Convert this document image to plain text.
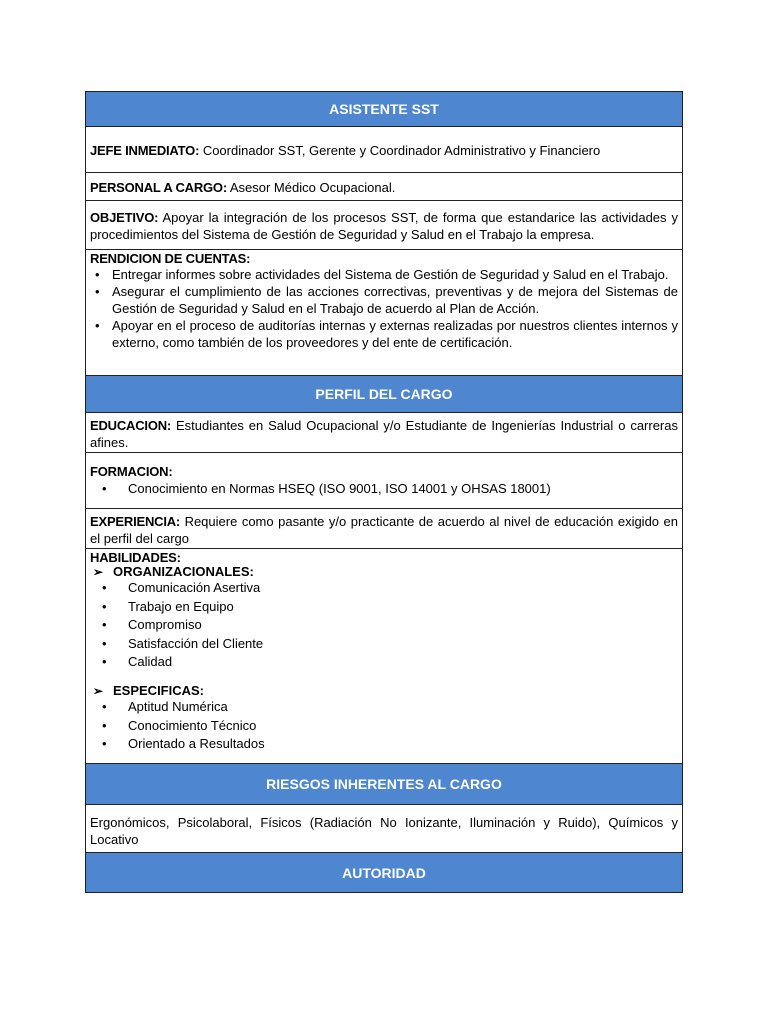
ASISTENTE SST
JEFE INMEDIATO: Coordinador SST, Gerente y Coordinador Administrativo y Financiero
PERSONAL A CARGO: Asesor Médico Ocupacional.
OBJETIVO: Apoyar la integración de los procesos SST, de forma que estandarice las actividades y procedimientos del Sistema de Gestión de Seguridad y Salud en el Trabajo la empresa.
RENDICION DE CUENTAS:
• Entregar informes sobre actividades del Sistema de Gestión de Seguridad y Salud en el Trabajo.
• Asegurar el cumplimiento de las acciones correctivas, preventivas y de mejora del Sistemas de Gestión de Seguridad y Salud en el Trabajo de acuerdo al Plan de Acción.
• Apoyar en el proceso de auditorías internas y externas realizadas por nuestros clientes internos y externo, como también de los proveedores y del ente de certificación.
PERFIL DEL CARGO
EDUCACION: Estudiantes en Salud Ocupacional y/o Estudiante de Ingenierías Industrial o carreras afines.
FORMACION:
• Conocimiento en Normas HSEQ (ISO 9001, ISO 14001 y OHSAS 18001)
EXPERIENCIA: Requiere como pasante y/o practicante de acuerdo al nivel de educación exigido en el perfil del cargo
HABILIDADES:
➢ ORGANIZACIONALES:
• Comunicación Asertiva
• Trabajo en Equipo
• Compromiso
• Satisfacción del Cliente
• Calidad
➢ ESPECIFICAS:
• Aptitud Numérica
• Conocimiento Técnico
• Orientado a Resultados
RIESGOS INHERENTES AL CARGO
Ergonómicos, Psicolaboral, Físicos (Radiación No Ionizante, Iluminación y Ruido), Químicos y Locativo
AUTORIDAD
